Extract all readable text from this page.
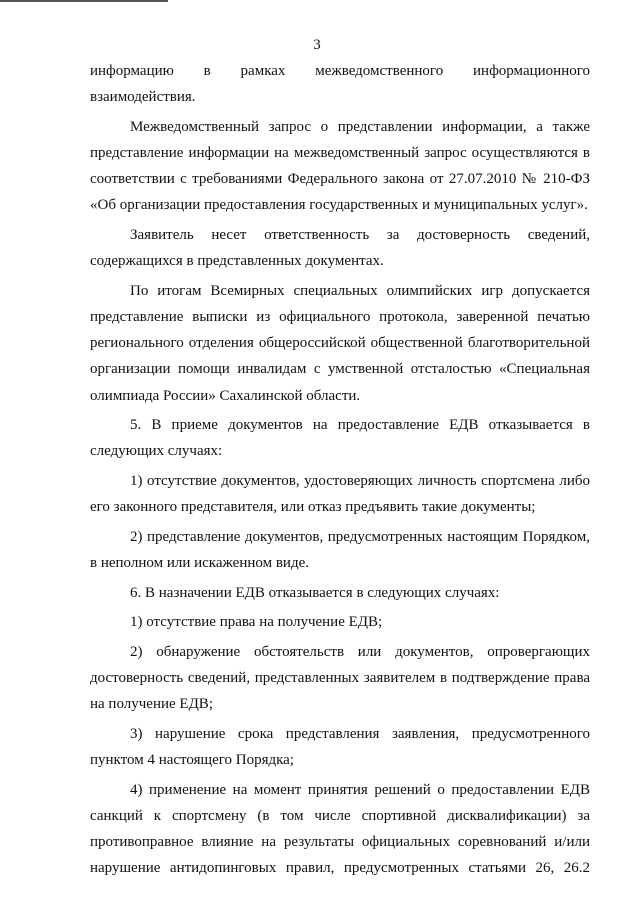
3

информацию в рамках межведомственного информационного
взаимодействия.

Межведомственный запрос о представлении информации, а также
представление информации на межведомственный запрос осуществляются в
соответствии с требованиями Федерального закона от 27.07.2010 № 210-ФЗ
«Об организации предоставления государственных и муниципальных услуг».

Заявитель несет ответственность за достоверность сведений,
содержащихся в представленных документах.

По итогам Всемирных специальных олимпийских игр допускается
представление выписки из официального протокола, заверенной печатью
регионального отделения общероссийской общественной благотворительной
организации помощи инвалидам с умственной отсталостью «Специальная
олимпиада России» Сахалинской области.

5. В приеме документов на предоставление ЕДВ отказывается в
следующих случаях:

1) отсутствие документов, удостоверяющих личность спортсмена либо
его законного представителя, или отказ предъявить такие документы;

2) представление документов, предусмотренных настоящим Порядком,
в неполном или искаженном виде.

6. В назначении ЕДВ отказывается в следующих случаях:

1) отсутствие права на получение ЕДВ;

2) обнаружение обстоятельств или документов, опровергающих
достоверность сведений, представленных заявителем в подтверждение права
на получение ЕДВ;

3) нарушение срока представления заявления, предусмотренного
пунктом 4 настоящего Порядка;

4) применение на момент принятия решений о предоставлении ЕДВ
санкций к спортсмену (в том числе спортивной дисквалификации) за
противоправное влияние на результаты официальных соревнований и/или
нарушение антидопинговых правил, предусмотренных статьями 26, 26.2
